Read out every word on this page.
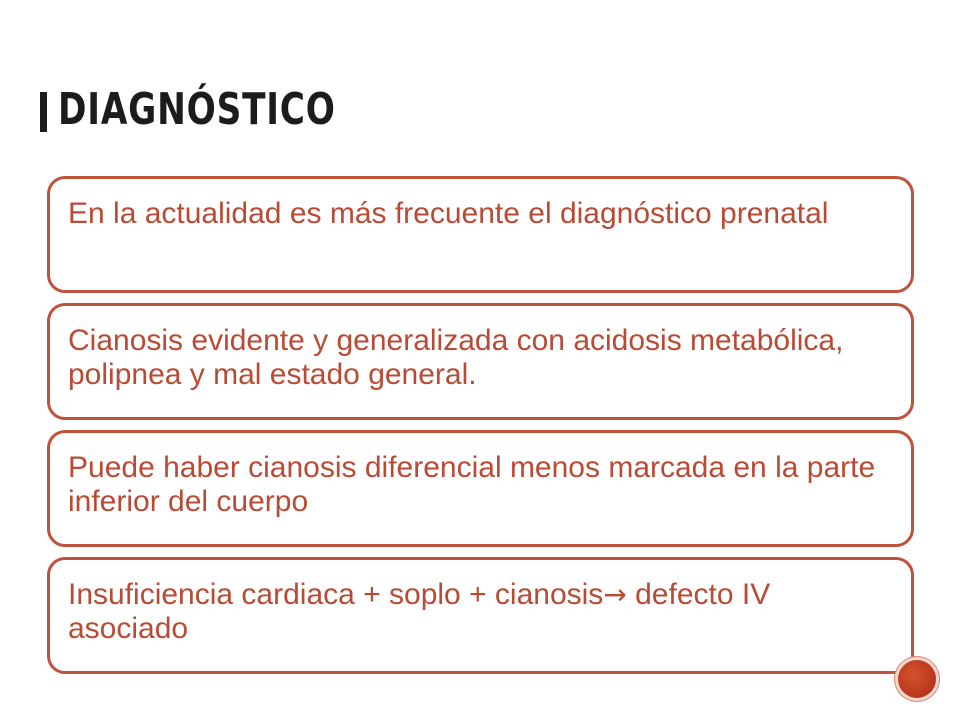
DIAGNÓSTICO

En la actualidad es más frecuente el diagnóstico prenatal

Cianosis evidente y generalizada con acidosis metabólica, polipnea y mal estado general.

Puede haber cianosis diferencial menos marcada en la parte inferior del cuerpo

Insuficiencia cardiaca + soplo + cianosis→ defecto IV asociado
